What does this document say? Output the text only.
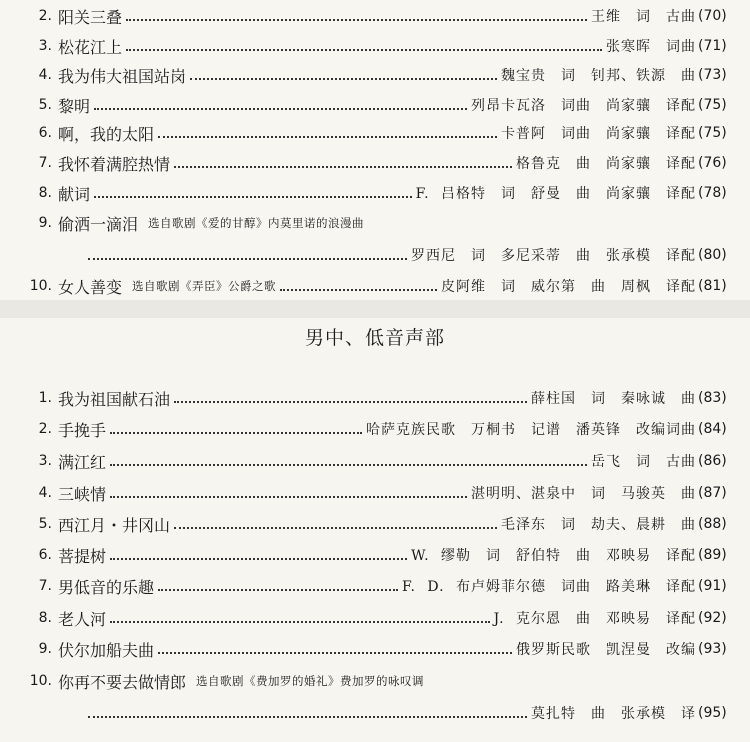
2. 阳关三叠	王维　词　古曲 (70)
3. 松花江上	张寒晖　词曲 (71)
4. 我为伟大祖国站岗	魏宝贵　词　钊邦、铁源　曲 (73)
5. 黎明	列昂卡瓦洛　词曲　尚家骧　译配 (75)
6. 啊，我的太阳	卡普阿　词曲　尚家骧　译配 (75)
7. 我怀着满腔热情	格鲁克　曲　尚家骧　译配 (76)
8. 献词	F. 吕格特　词　舒曼　曲　尚家骧　译配 (78)
9. 偷洒一滴泪 选自歌剧《爱的甘醇》内莫里诺的浪漫曲
罗西尼　词　多尼采蒂　曲　张承模　译配 (80)
10. 女人善变 选自歌剧《弄臣》公爵之歌	皮阿维　词　威尔第　曲　周枫　译配 (81)
男中、低音声部
1. 我为祖国献石油	薛柱国　词　秦咏诚　曲 (83)
2. 手挽手	哈萨克族民歌　万桐书　记谱　潘英锋　改编词曲 (84)
3. 满江红	岳飞　词　古曲 (86)
4. 三峡情	湛明明、湛泉中　词　马骏英　曲 (87)
5. 西江月・井冈山	毛泽东　词　劫夫、晨耕　曲 (88)
6. 菩提树	W. 缪勒　词　舒伯特　曲　邓映易　译配 (89)
7. 男低音的乐趣	F. D. 布卢姆菲尔德　词曲　路美琳　译配 (91)
8. 老人河	J. 克尔恩　曲　邓映易　译配 (92)
9. 伏尔加船夫曲	俄罗斯民歌　凯涅曼　改编 (93)
10. 你再不要去做情郎 选自歌剧《费加罗的婚礼》费加罗的咏叹调
莫扎特　曲　张承模　译 (95)
